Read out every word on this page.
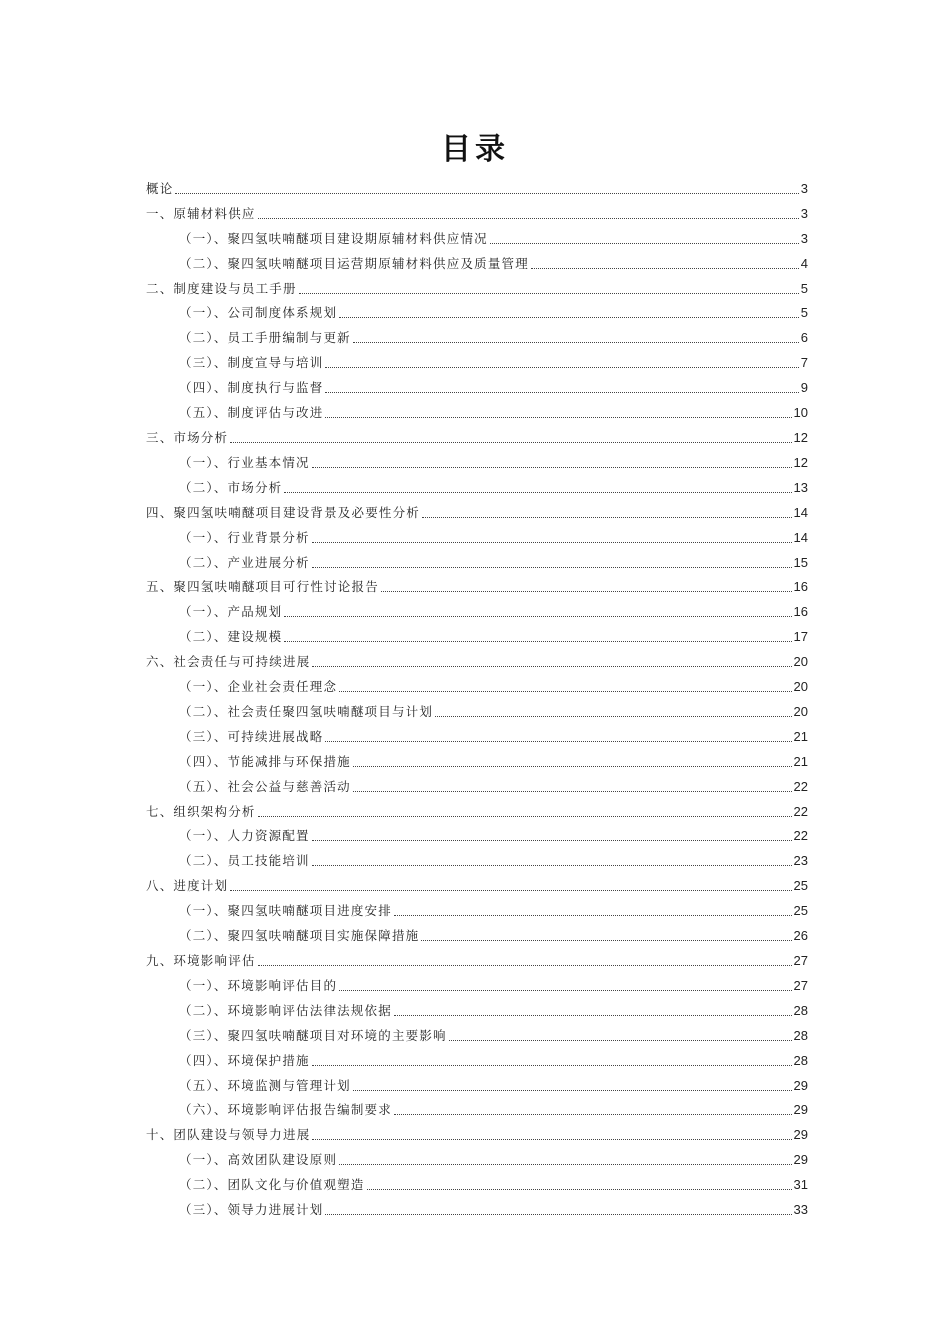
目录
概论	3
一、原辅材料供应	3
（一）、聚四氢呋喃醚项目建设期原辅材料供应情况	3
（二）、聚四氢呋喃醚项目运营期原辅材料供应及质量管理	4
二、制度建设与员工手册	5
（一）、公司制度体系规划	5
（二）、员工手册编制与更新	6
（三）、制度宣导与培训	7
（四）、制度执行与监督	9
（五）、制度评估与改进	10
三、市场分析	12
（一）、行业基本情况	12
（二）、市场分析	13
四、聚四氢呋喃醚项目建设背景及必要性分析	14
（一）、行业背景分析	14
（二）、产业进展分析	15
五、聚四氢呋喃醚项目可行性讨论报告	16
（一）、产品规划	16
（二）、建设规模	17
六、社会责任与可持续进展	20
（一）、企业社会责任理念	20
（二）、社会责任聚四氢呋喃醚项目与计划	20
（三）、可持续进展战略	21
（四）、节能减排与环保措施	21
（五）、社会公益与慈善活动	22
七、组织架构分析	22
（一）、人力资源配置	22
（二）、员工技能培训	23
八、进度计划	25
（一）、聚四氢呋喃醚项目进度安排	25
（二）、聚四氢呋喃醚项目实施保障措施	26
九、环境影响评估	27
（一）、环境影响评估目的	27
（二）、环境影响评估法律法规依据	28
（三）、聚四氢呋喃醚项目对环境的主要影响	28
（四）、环境保护措施	28
（五）、环境监测与管理计划	29
（六）、环境影响评估报告编制要求	29
十、团队建设与领导力进展	29
（一）、高效团队建设原则	29
（二）、团队文化与价值观塑造	31
（三）、领导力进展计划	33
